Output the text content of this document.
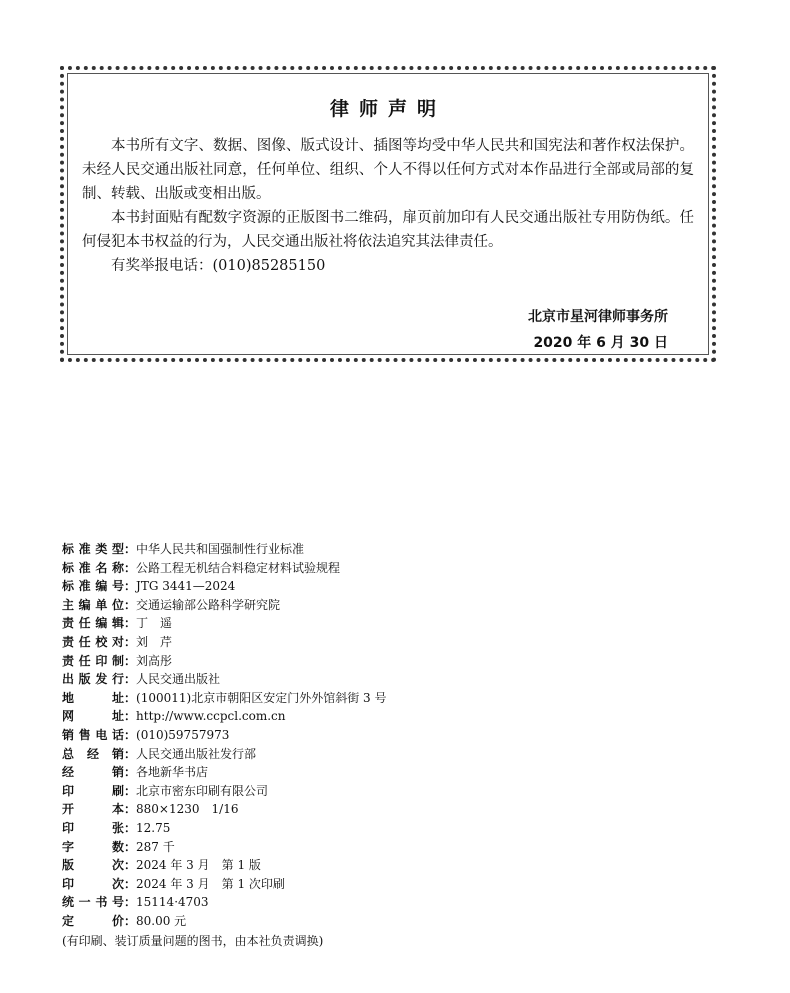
律师声明

本书所有文字、数据、图像、版式设计、插图等均受中华人民共和国宪法和著作权法保护。未经人民交通出版社同意，任何单位、组织、个人不得以任何方式对本作品进行全部或局部的复制、转载、出版或变相出版。

本书封面贴有配数字资源的正版图书二维码，扉页前加印有人民交通出版社专用防伪纸。任何侵犯本书权益的行为，人民交通出版社将依法追究其法律责任。

有奖举报电话：(010)85285150

北京市星河律师事务所
2020 年 6 月 30 日
标准类型：中华人民共和国强制性行业标准
标准名称：公路工程无机结合料稳定材料试验规程
标准编号：JTG 3441—2024
主编单位：交通运输部公路科学研究院
责任编辑：丁　遥
责任校对：刘　芹
责任印制：刘高彤
出版发行：人民交通出版社
地址：(100011)北京市朝阳区安定门外外馆斜街 3 号
网址：http://www.ccpcl.com.cn
销售电话：(010)59757973
总经销：人民交通出版社发行部
经销：各地新华书店
印刷：北京市密东印刷有限公司
开本：880×1230　1/16
印张：12.75
字数：287 千
版次：2024 年 3 月　第 1 版
印次：2024 年 3 月　第 1 次印刷
统一书号：15114·4703
定价：80.00 元
(有印刷、装订质量问题的图书，由本社负责调换)
